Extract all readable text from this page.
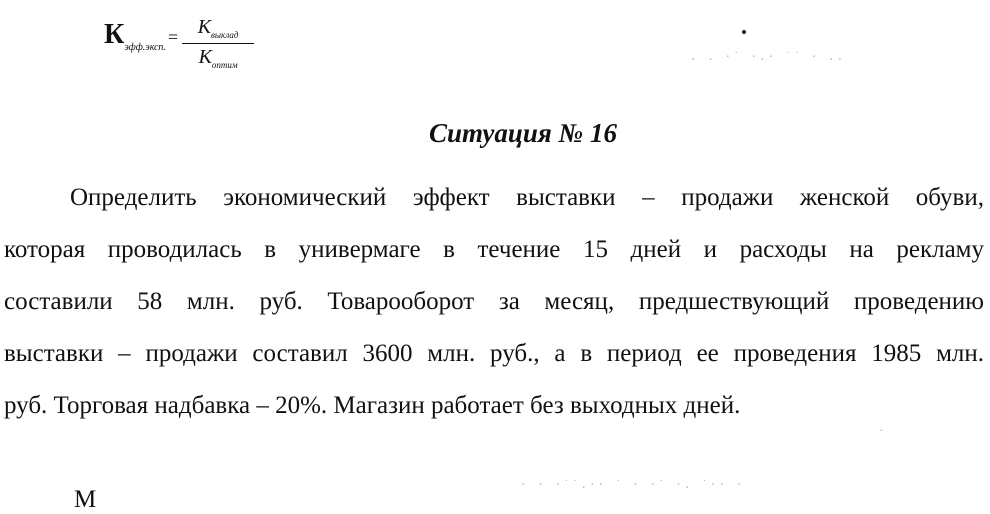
К эфф.эксп.
= $\frac{К_{выклад}}{К_{оптим}}$
Ситуация № 16
Определить экономический эффект выставки – продажи женской обуви,
которая проводилась в универмаге в течение 15 дней и расходы на рекламу
составили 58 млн. руб. Товарооборот за месяц, предшествующий проведению
выставки – продажи составил 3600 млн. руб., а в период ее проведения 1985 млн.
руб. Торговая надбавка – 20%. Магазин работает без выходных дней.
М
. . ·˙ ·.· ˙˙ · ..
· · ·˙˙.·· ˙ · ·˙ ·. ˙·· ·
·
